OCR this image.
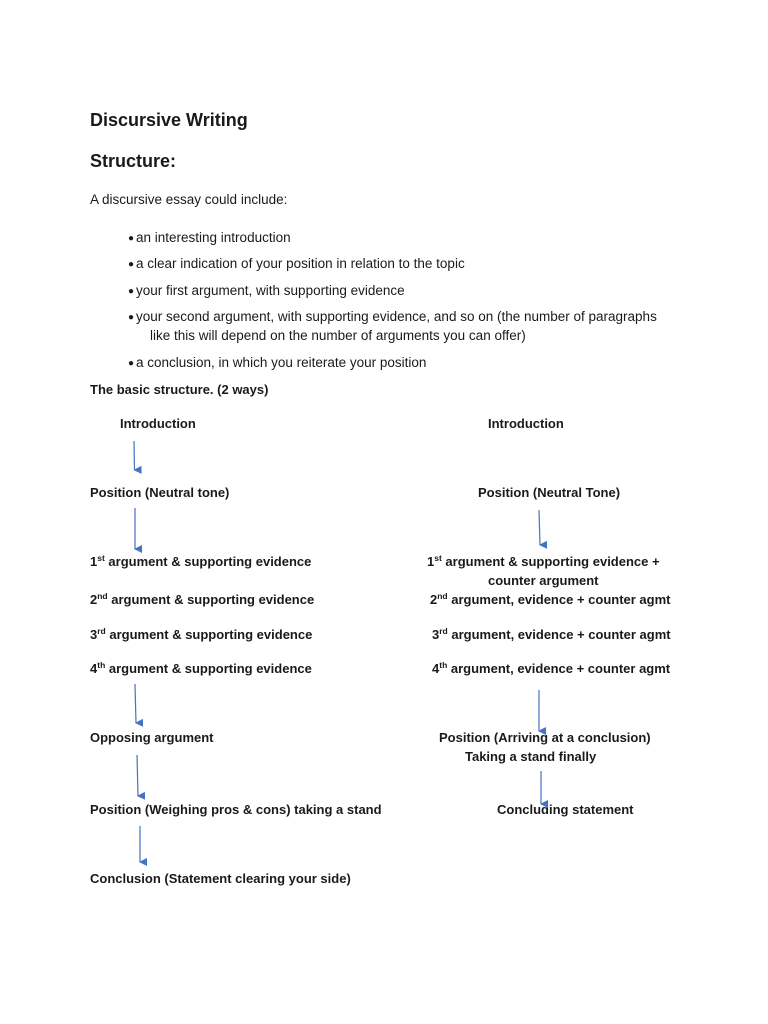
Discursive Writing
Structure:
A discursive essay could include:
● an interesting introduction
● a clear indication of your position in relation to the topic
● your first argument, with supporting evidence
● your second argument, with supporting evidence, and so on (the number of paragraphs
like this will depend on the number of arguments you can offer)
● a conclusion, in which you reiterate your position
The basic structure. (2 ways)
Introduction
Position (Neutral tone)
1st argument & supporting evidence
2nd argument & supporting evidence
3rd argument & supporting evidence
4th argument & supporting evidence
Opposing argument
Position (Weighing pros & cons) taking a stand
Conclusion (Statement clearing your side)
Introduction
Position (Neutral Tone)
1st argument & supporting evidence +
counter argument
2nd argument, evidence + counter agmt
3rd argument, evidence + counter agmt
4th argument, evidence + counter agmt
Position (Arriving at a conclusion)
Taking a stand finally
Concluding statement
